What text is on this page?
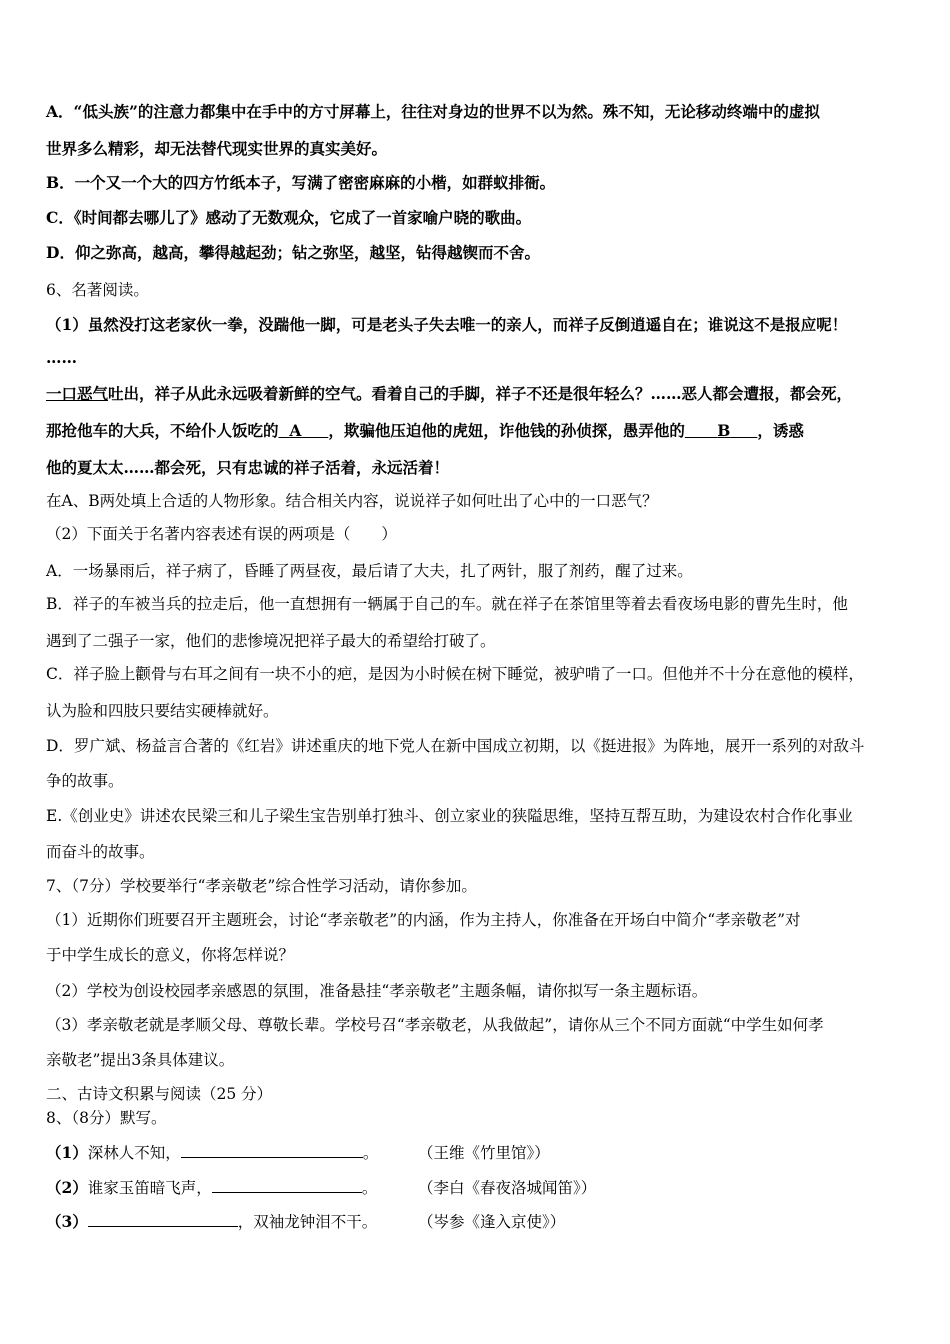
A．“低头族”的注意力都集中在手中的方寸屏幕上，往往对身边的世界不以为然。殊不知，无论移动终端中的虚拟
世界多么精彩，却无法替代现实世界的真实美好。
B．一个又一个大的四方竹纸本子，写满了密密麻麻的小楷，如群蚁排衙。
C．《时间都去哪儿了》感动了无数观众，它成了一首家喻户晓的歌曲。
D．仰之弥高，越高，攀得越起劲；钻之弥坚，越坚，钻得越锲而不舍。
6、名著阅读。
（1）虽然没打这老家伙一拳，没踹他一脚，可是老头子失去唯一的亲人，而祥子反倒逍遥自在；谁说这不是报应呢！
……
一口恶气吐出，祥子从此永远吸着新鲜的空气。看着自己的手脚，祥子不还是很年轻么？……恶人都会遭报，都会死，
那抢他车的大兵，不给仆人饭吃的 A ，欺骗他压迫他的虎妞，诈他钱的孙侦探，愚弄他的 B ，诱惑
他的夏太太……都会死，只有忠诚的祥子活着，永远活着！
在A、B两处填上合适的人物形象。结合相关内容，说说祥子如何吐出了心中的一口恶气？
（2）下面关于名著内容表述有误的两项是（　　）
A．一场暴雨后，祥子病了，昏睡了两昼夜，最后请了大夫，扎了两针，服了剂药，醒了过来。
B．祥子的车被当兵的拉走后，他一直想拥有一辆属于自己的车。就在祥子在茶馆里等着去看夜场电影的曹先生时，他
遇到了二强子一家，他们的悲惨境况把祥子最大的希望给打破了。
C．祥子脸上颧骨与右耳之间有一块不小的疤，是因为小时候在树下睡觉，被驴啃了一口。但他并不十分在意他的模样，
认为脸和四肢只要结实硬棒就好。
D．罗广斌、杨益言合著的《红岩》讲述重庆的地下党人在新中国成立初期，以《挺进报》为阵地，展开一系列的对敌斗
争的故事。
E.《创业史》讲述农民梁三和儿子梁生宝告别单打独斗、创立家业的狭隘思维，坚持互帮互助，为建设农村合作化事业
而奋斗的故事。
7、（7分）学校要举行“孝亲敬老”综合性学习活动，请你参加。
（1）近期你们班要召开主题班会，讨论“孝亲敬老”的内涵，作为主持人，你准备在开场白中简介“孝亲敬老”对
于中学生成长的意义，你将怎样说？
（2）学校为创设校园孝亲感恩的氛围，准备悬挂“孝亲敬老”主题条幅，请你拟写一条主题标语。
（3）孝亲敬老就是孝顺父母、尊敬长辈。学校号召“孝亲敬老，从我做起”，请你从三个不同方面就“中学生如何孝
亲敬老”提出3条具体建议。
二、古诗文积累与阅读（25 分）
8、（8分）默写。
（1）深林人不知，	。	（王维《竹里馆》）
（2）谁家玉笛暗飞声，	。	（李白《春夜洛城闻笛》）
（3）	，双袖龙钟泪不干。	（岑参《逢入京使》）
